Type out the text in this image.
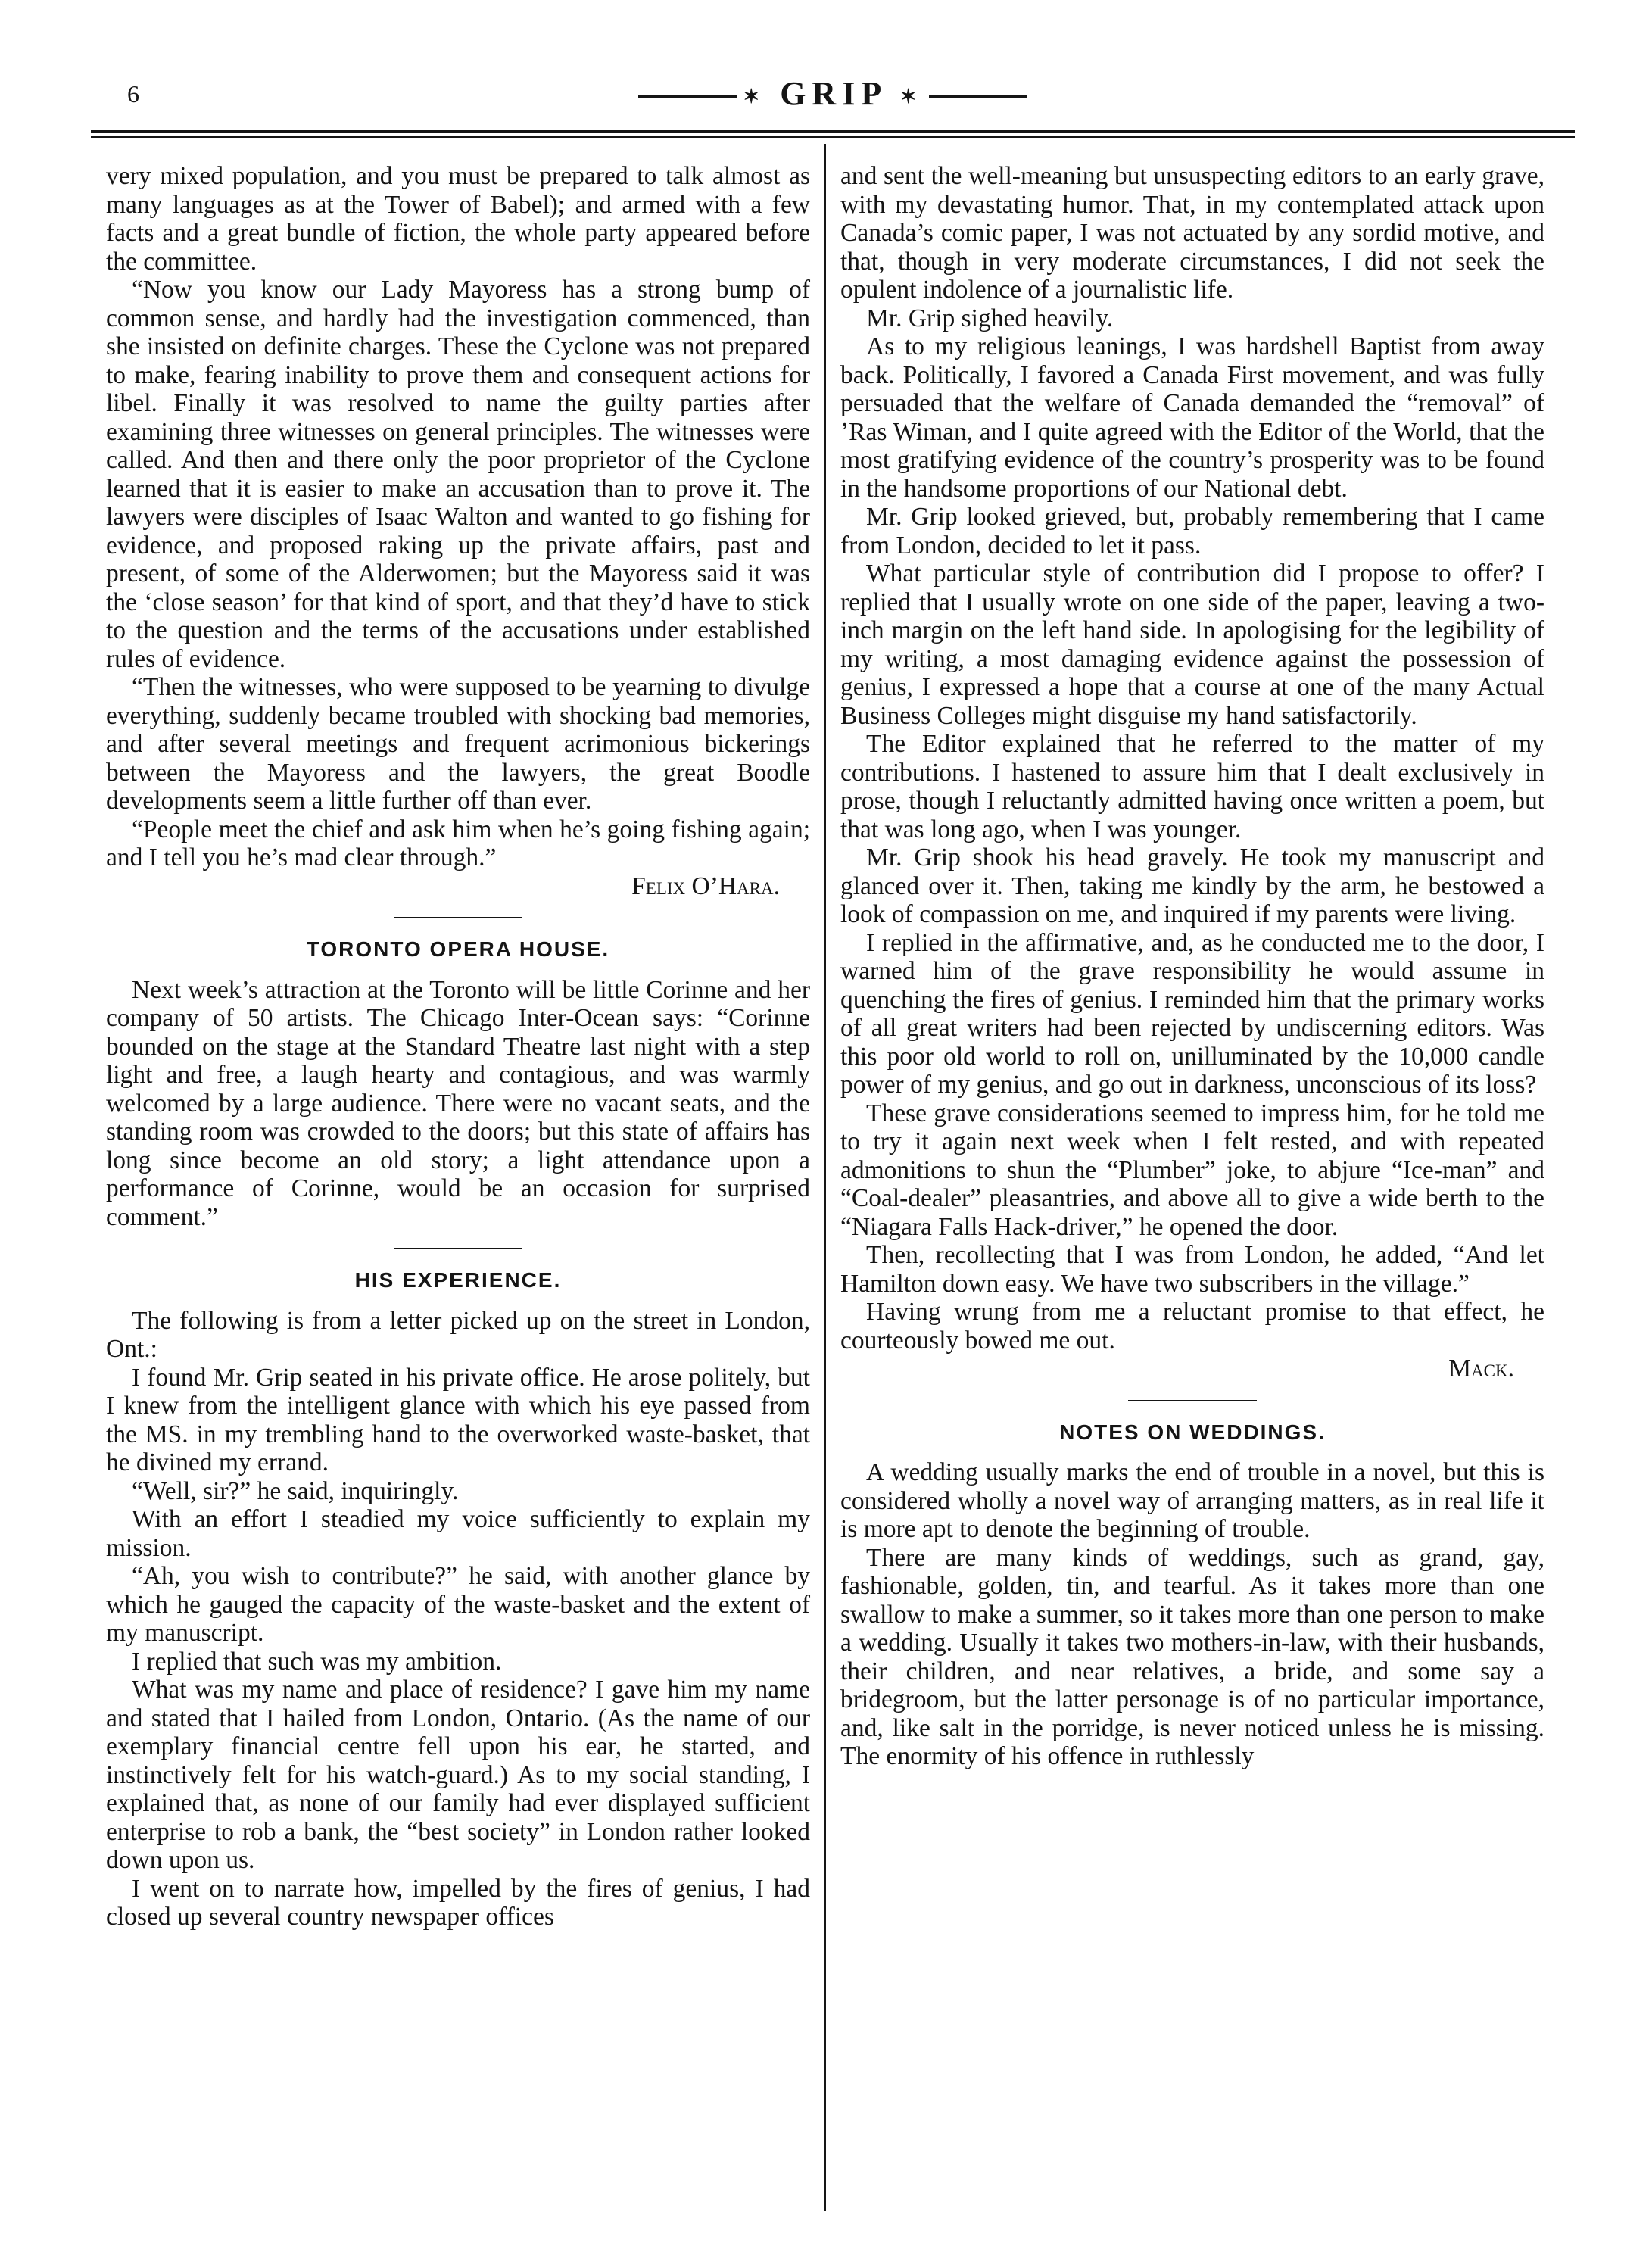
6	✶ GRIP ✶

very mixed population, and you must be prepared to talk almost as many languages as at the Tower of Babel); and armed with a few facts and a great bundle of fiction, the whole party appeared before the committee.

“Now you know our Lady Mayoress has a strong bump of common sense, and hardly had the investigation commenced, than she insisted on definite charges. These the Cyclone was not prepared to make, fearing inability to prove them and consequent actions for libel. Finally it was resolved to name the guilty parties after examining three witnesses on general principles. The witnesses were called. And then and there only the poor proprietor of the Cyclone learned that it is easier to make an accusation than to prove it. The lawyers were disciples of Isaac Walton and wanted to go fishing for evidence, and proposed raking up the private affairs, past and present, of some of the Alderwomen; but the Mayoress said it was the ‘close season’ for that kind of sport, and that they’d have to stick to the question and the terms of the accusations under established rules of evidence.

“Then the witnesses, who were supposed to be yearning to divulge everything, suddenly became troubled with shocking bad memories, and after several meetings and frequent acrimonious bickerings between the Mayoress and the lawyers, the great Boodle developments seem a little further off than ever.

“People meet the chief and ask him when he’s going fishing again; and I tell you he’s mad clear through.”

Felix O’Hara.
TORONTO OPERA HOUSE.

Next week’s attraction at the Toronto will be little Corinne and her company of 50 artists. The Chicago Inter-Ocean says: “Corinne bounded on the stage at the Standard Theatre last night with a step light and free, a laugh hearty and contagious, and was warmly welcomed by a large audience. There were no vacant seats, and the standing room was crowded to the doors; but this state of affairs has long since become an old story; a light attendance upon a performance of Corinne, would be an occasion for surprised comment.”

HIS EXPERIENCE.

The following is from a letter picked up on the street in London, Ont.:

I found Mr. Grip seated in his private office. He arose politely, but I knew from the intelligent glance with which his eye passed from the MS. in my trembling hand to the overworked waste-basket, that he divined my errand.

“Well, sir?” he said, inquiringly.

With an effort I steadied my voice sufficiently to explain my mission.

“Ah, you wish to contribute?” he said, with another glance by which he gauged the capacity of the waste-basket and the extent of my manuscript.

I replied that such was my ambition.

What was my name and place of residence? I gave him my name and stated that I hailed from London, Ontario. (As the name of our exemplary financial centre fell upon his ear, he started, and instinctively felt for his watch-guard.) As to my social standing, I explained that, as none of our family had ever displayed sufficient enterprise to rob a bank, the “best society” in London rather looked down upon us.

I went on to narrate how, impelled by the fires of genius, I had closed up several country newspaper offices

and sent the well-meaning but unsuspecting editors to an early grave, with my devastating humor. That, in my contemplated attack upon Canada’s comic paper, I was not actuated by any sordid motive, and that, though in very moderate circumstances, I did not seek the opulent indolence of a journalistic life.

Mr. Grip sighed heavily.

As to my religious leanings, I was hardshell Baptist from away back. Politically, I favored a Canada First movement, and was fully persuaded that the welfare of Canada demanded the “removal” of ’Ras Wiman, and I quite agreed with the Editor of the World, that the most gratifying evidence of the country’s prosperity was to be found in the handsome proportions of our National debt.

Mr. Grip looked grieved, but, probably remembering that I came from London, decided to let it pass.

What particular style of contribution did I propose to offer? I replied that I usually wrote on one side of the paper, leaving a two-inch margin on the left hand side. In apologising for the legibility of my writing, a most damaging evidence against the possession of genius, I expressed a hope that a course at one of the many Actual Business Colleges might disguise my hand satisfactorily.

The Editor explained that he referred to the matter of my contributions. I hastened to assure him that I dealt exclusively in prose, though I reluctantly admitted having once written a poem, but that was long ago, when I was younger.

Mr. Grip shook his head gravely. He took my manuscript and glanced over it. Then, taking me kindly by the arm, he bestowed a look of compassion on me, and inquired if my parents were living.

I replied in the affirmative, and, as he conducted me to the door, I warned him of the grave responsibility he would assume in quenching the fires of genius. I reminded him that the primary works of all great writers had been rejected by undiscerning editors. Was this poor old world to roll on, unilluminated by the 10,000 candle power of my genius, and go out in darkness, unconscious of its loss?

These grave considerations seemed to impress him, for he told me to try it again next week when I felt rested, and with repeated admonitions to shun the “Plumber” joke, to abjure “Ice-man” and “Coal-dealer” pleasantries, and above all to give a wide berth to the “Niagara Falls Hack-driver,” he opened the door.

Then, recollecting that I was from London, he added, “And let Hamilton down easy. We have two subscribers in the village.”

Having wrung from me a reluctant promise to that effect, he courteously bowed me out.

Mack.
NOTES ON WEDDINGS.

A wedding usually marks the end of trouble in a novel, but this is considered wholly a novel way of arranging matters, as in real life it is more apt to denote the beginning of trouble.

There are many kinds of weddings, such as grand, gay, fashionable, golden, tin, and tearful. As it takes more than one swallow to make a summer, so it takes more than one person to make a wedding. Usually it takes two mothers-in-law, with their husbands, their children, and near relatives, a bride, and some say a bridegroom, but the latter personage is of no particular importance, and, like salt in the porridge, is never noticed unless he is missing. The enormity of his offence in ruthlessly
